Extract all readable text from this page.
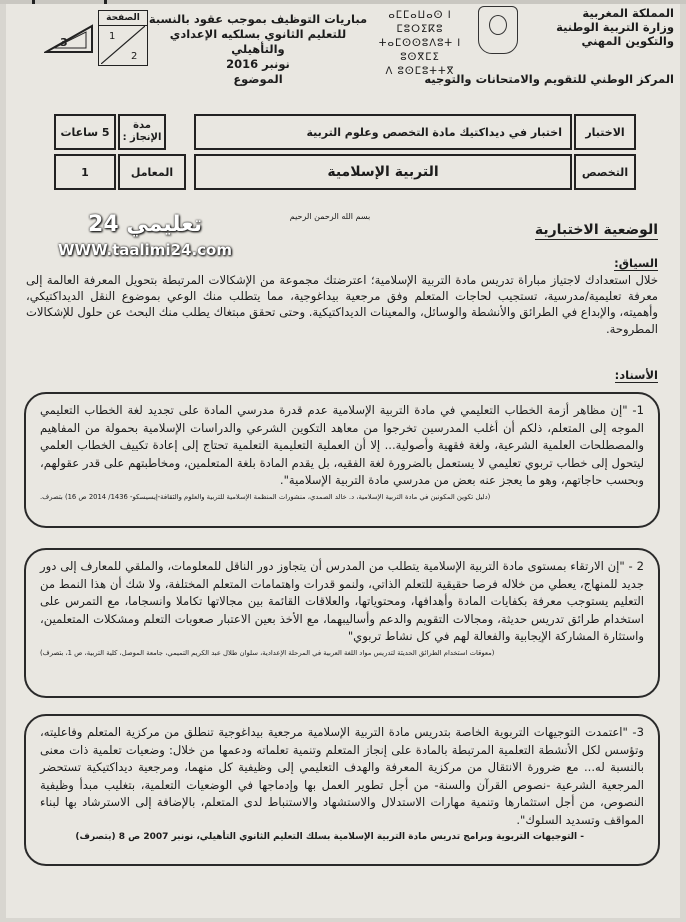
المملكة المغربية
وزارة التربية الوطنية
والتكوين المهني
ⴰⵎⵎⴰⵡⴰⵙ ⵏ ⵎⵓⵔⵉⴽⵓ
ⵜⴰⵎⵙⵙⵓⴷⵓⵜ ⵏ ⵓⵙⴳⵎⵉ
ⴷ ⵓⵙⵎⵓⵜⵜⴳ
المركز الوطني للتقويم والامتحانات والتوجيه
مباريات التوظيف بموجب عقود بالنسبة
للتعليم الثانوي بسلكيه الإعدادي والتأهيلي
نونبر 2016
الموضوع
الصفحة
1
2
3
الاختبار
اختبار في ديداكتيك مادة التخصص وعلوم التربية
مدة الإنجاز :
5 ساعات
التخصص
التربية الإسلامية
المعامل
1
بسم الله الرحمن الرحيم
تعليمي 24
WWW.taalimi24.com
الوضعية الاختبارية
السياق:
خلال استعدادك لاجتياز مباراة تدريس مادة التربية الإسلامية؛ اعترضتك مجموعة من الإشكالات المرتبطة بتحويل المعرفة العالمة إلى معرفة تعليمية/مدرسية، تستجيب لحاجات المتعلم وفق مرجعية بيداغوجية، مما يتطلب منك الوعي بموضوع النقل الديداكتيكي، وأهميته، والإبداع في الطرائق والأنشطة والوسائل، والمعينات الديداكتيكية. وحتى تحقق مبتغاك يطلب منك البحث عن حلول للإشكالات المطروحة.
الأسناد:
1- "إن مظاهر أزمة الخطاب التعليمي في مادة التربية الإسلامية عدم قدرة مدرسي المادة على تجديد لغة الخطاب التعليمي الموجه إلى المتعلم، ذلكم أن أغلب المدرسين تخرجوا من معاهد التكوين الشرعي والدراسات الإسلامية بحمولة من المفاهيم والمصطلحات العلمية الشرعية، ولغة فقهية وأصولية... إلا أن العملية التعليمية التعلمية تحتاج إلى إعادة تكييف الخطاب العلمي ليتحول إلى خطاب تربوي تعليمي لا يستعمل بالضرورة لغة الفقيه، بل يقدم المادة بلغة المتعلمين، ومخاطبتهم على قدر عقولهم، وبحسب حاجاتهم، وهو ما يعجز عنه بعض من مدرسي مادة التربية الإسلامية".
(دليل تكوين المكونين في مادة التربية الإسلامية، د. خالد الصمدي، منشورات المنظمة الإسلامية للتربية والعلوم والثقافة-إيسيسكو- 1436/ 2014 ص 16) بتصرف.
2 - "إن الارتقاء بمستوى مادة التربية الإسلامية يتطلب من المدرس أن يتجاوز دور الناقل للمعلومات، والملقي للمعارف إلى دور جديد للمنهاج، يعطي من خلاله فرصا حقيقية للتعلم الذاتي، ولنمو قدرات واهتمامات المتعلم المختلفة، ولا شك أن هذا النمط من التعليم يستوجب معرفة بكفايات المادة وأهدافها، ومحتوياتها، والعلاقات القائمة بين مجالاتها تكاملا وانسجاما، مع التمرس على استخدام طرائق تدريس حديثة، ومجالات التقويم والدعم وأساليبهما، مع الأخذ بعين الاعتبار صعوبات التعلم ومشكلات المتعلمين، واستثارة المشاركة الإيجابية والفعالة لهم في كل نشاط تربوي"
(معوقات استخدام الطرائق الحديثة لتدريس مواد اللغة العربية في المرحلة الإعدادية، سلوان طلال عبد الكريم التميمي، جامعة الموصل، كلية التربية، ص 1، بتصرف)
3- "اعتمدت التوجيهات التربوية الخاصة بتدريس مادة التربية الإسلامية مرجعية بيداغوجية تنطلق من مركزية المتعلم وفاعليته، وتؤسس لكل الأنشطة التعلمية المرتبطة بالمادة على إنجاز المتعلم وتنمية تعلماته ودعمها من خلال: وضعيات تعلمية ذات معنى بالنسبة له... مع ضرورة الانتقال من مركزية المعرفة والهدف التعليمي إلى وظيفية كل منهما، ومرجعية ديداكتيكية تستحضر المرجعية الشرعية -نصوص القرآن والسنة- من أجل تطوير العمل بها وإدماجها في الوضعيات التعلمية، بتغليب مبدأ وظيفية النصوص، من أجل استثمارها وتنمية مهارات الاستدلال والاستشهاد والاستنباط لدى المتعلم، بالإضافة إلى الاسترشاد بها لبناء المواقف وتسديد السلوك".
- التوجيهات التربوية وبرامج تدريس مادة التربية الإسلامية بسلك التعليم الثانوي التأهيلي، نونبر 2007 ص 8 (بتصرف)
